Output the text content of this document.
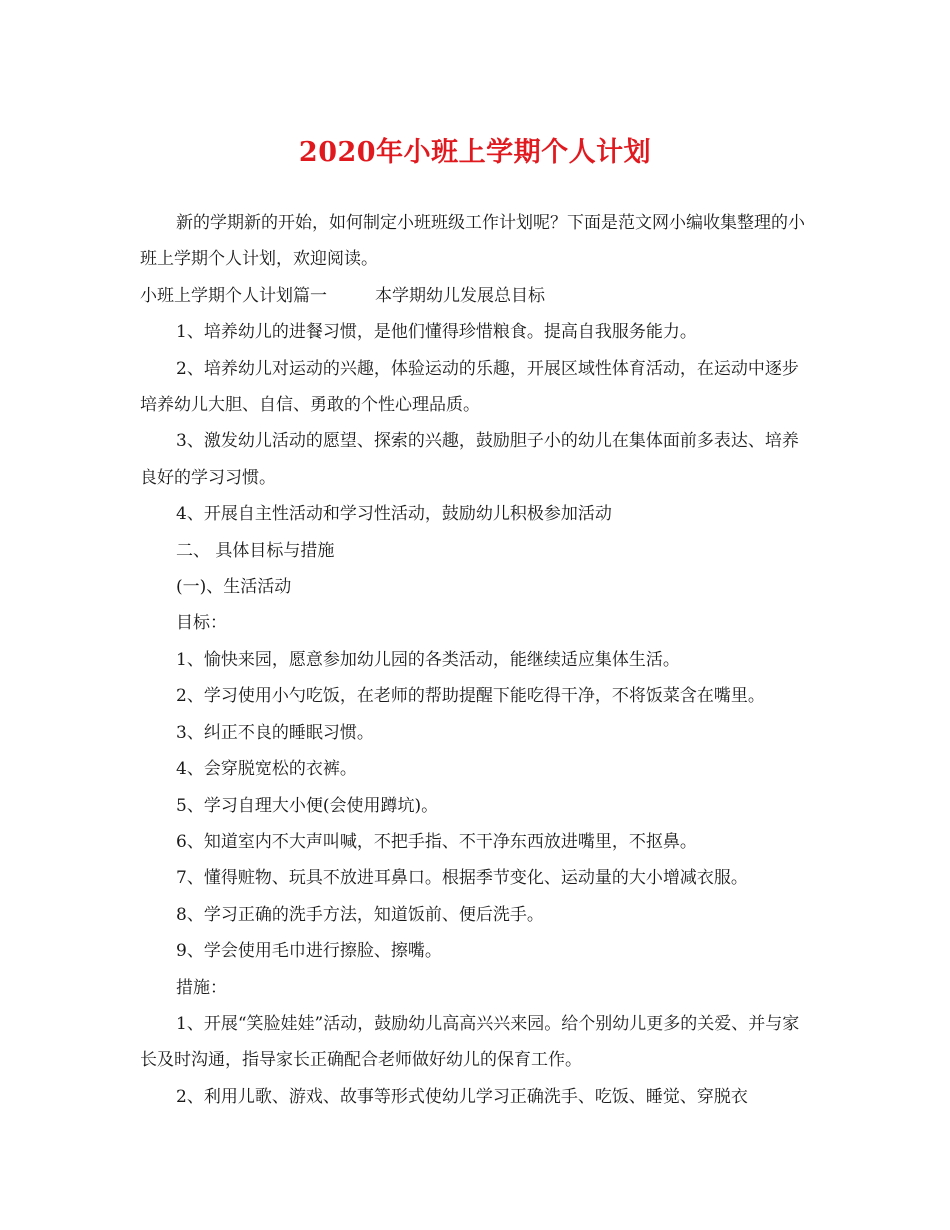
2020年小班上学期个人计划

新的学期新的开始，如何制定小班班级工作计划呢？下面是范文网小编收集整理的小班上学期个人计划，欢迎阅读。

小班上学期个人计划篇一	本学期幼儿发展总目标

1、培养幼儿的进餐习惯，是他们懂得珍惜粮食。提高自我服务能力。

2、培养幼儿对运动的兴趣，体验运动的乐趣，开展区域性体育活动，在运动中逐步培养幼儿大胆、自信、勇敢的个性心理品质。

3、激发幼儿活动的愿望、探索的兴趣，鼓励胆子小的幼儿在集体面前多表达、培养良好的学习习惯。

4、开展自主性活动和学习性活动，鼓励幼儿积极参加活动

二、 具体目标与措施

(一)、生活活动

目标：

1、愉快来园，愿意参加幼儿园的各类活动，能继续适应集体生活。

2、学习使用小勺吃饭，在老师的帮助提醒下能吃得干净，不将饭菜含在嘴里。

3、纠正不良的睡眠习惯。

4、会穿脱宽松的衣裤。

5、学习自理大小便(会使用蹲坑)。

6、知道室内不大声叫喊，不把手指、不干净东西放进嘴里，不抠鼻。

7、懂得赃物、玩具不放进耳鼻口。根据季节变化、运动量的大小增减衣服。

8、学习正确的洗手方法，知道饭前、便后洗手。

9、学会使用毛巾进行擦脸、擦嘴。

措施：

1、开展“笑脸娃娃”活动，鼓励幼儿高高兴兴来园。给个别幼儿更多的关爱、并与家长及时沟通，指导家长正确配合老师做好幼儿的保育工作。

2、利用儿歌、游戏、故事等形式使幼儿学习正确洗手、吃饭、睡觉、穿脱衣
